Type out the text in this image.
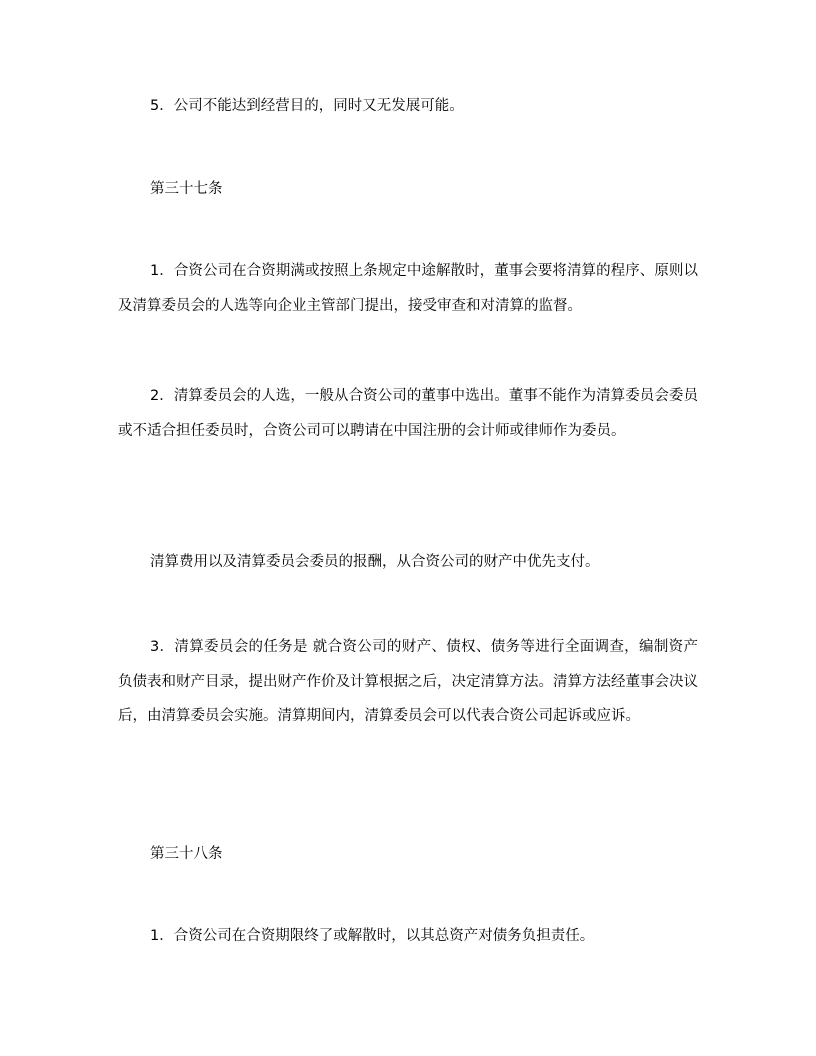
5．公司不能达到经营目的，同时又无发展可能。
第三十七条
1．合资公司在合资期满或按照上条规定中途解散时，董事会要将清算的程序、原则以及清算委员会的人选等向企业主管部门提出，接受审查和对清算的监督。
2．清算委员会的人选，一般从合资公司的董事中选出。董事不能作为清算委员会委员或不适合担任委员时，合资公司可以聘请在中国注册的会计师或律师作为委员。
清算费用以及清算委员会委员的报酬，从合资公司的财产中优先支付。
3．清算委员会的任务是 就合资公司的财产、债权、债务等进行全面调查，编制资产负债表和财产目录，提出财产作价及计算根据之后，决定清算方法。清算方法经董事会决议后，由清算委员会实施。清算期间内，清算委员会可以代表合资公司起诉或应诉。
第三十八条
1．合资公司在合资期限终了或解散时，以其总资产对债务负担责任。
